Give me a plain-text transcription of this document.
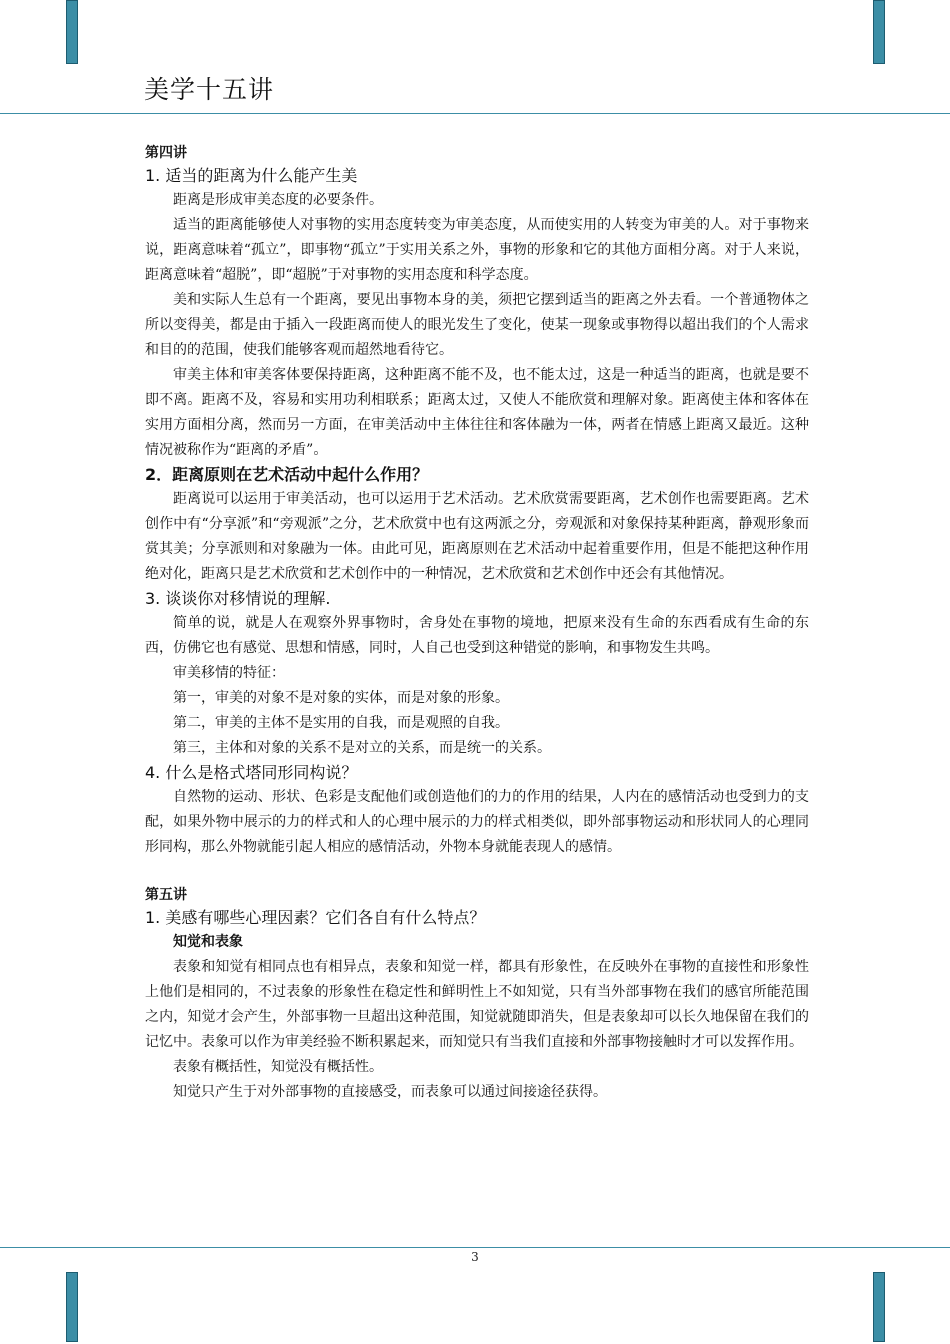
美学十五讲

第四讲

1. 适当的距离为什么能产生美

距离是形成审美态度的必要条件。

适当的距离能够使人对事物的实用态度转变为审美态度，从而使实用的人转变为审美的人。对于事物来说，距离意味着“孤立”，即事物“孤立”于实用关系之外，事物的形象和它的其他方面相分离。对于人来说，距离意味着“超脱”，即“超脱”于对事物的实用态度和科学态度。

美和实际人生总有一个距离，要见出事物本身的美，须把它摆到适当的距离之外去看。一个普通物体之所以变得美，都是由于插入一段距离而使人的眼光发生了变化，使某一现象或事物得以超出我们的个人需求和目的的范围，使我们能够客观而超然地看待它。

审美主体和审美客体要保持距离，这种距离不能不及，也不能太过，这是一种适当的距离，也就是要不即不离。距离不及，容易和实用功利相联系；距离太过，又使人不能欣赏和理解对象。距离使主体和客体在实用方面相分离，然而另一方面，在审美活动中主体往往和客体融为一体，两者在情感上距离又最近。这种情况被称作为“距离的矛盾”。

2．距离原则在艺术活动中起什么作用？

距离说可以运用于审美活动，也可以运用于艺术活动。艺术欣赏需要距离，艺术创作也需要距离。艺术创作中有“分享派”和“旁观派”之分，艺术欣赏中也有这两派之分，旁观派和对象保持某种距离，静观形象而赏其美；分享派则和对象融为一体。由此可见，距离原则在艺术活动中起着重要作用，但是不能把这种作用绝对化，距离只是艺术欣赏和艺术创作中的一种情况，艺术欣赏和艺术创作中还会有其他情况。

3. 谈谈你对移情说的理解.

简单的说，就是人在观察外界事物时，舍身处在事物的境地，把原来没有生命的东西看成有生命的东西，仿佛它也有感觉、思想和情感，同时，人自己也受到这种错觉的影响，和事物发生共鸣。

审美移情的特征：

第一，审美的对象不是对象的实体，而是对象的形象。

第二，审美的主体不是实用的自我，而是观照的自我。

第三，主体和对象的关系不是对立的关系，而是统一的关系。

4. 什么是格式塔同形同构说？

自然物的运动、形状、色彩是支配他们或创造他们的力的作用的结果，人内在的感情活动也受到力的支配，如果外物中展示的力的样式和人的心理中展示的力的样式相类似，即外部事物运动和形状同人的心理同形同构，那么外物就能引起人相应的感情活动，外物本身就能表现人的感情。

第五讲

1. 美感有哪些心理因素？它们各自有什么特点？

知觉和表象

表象和知觉有相同点也有相异点，表象和知觉一样，都具有形象性，在反映外在事物的直接性和形象性上他们是相同的，不过表象的形象性在稳定性和鲜明性上不如知觉，只有当外部事物在我们的感官所能范围之内，知觉才会产生，外部事物一旦超出这种范围，知觉就随即消失，但是表象却可以长久地保留在我们的记忆中。表象可以作为审美经验不断积累起来，而知觉只有当我们直接和外部事物接触时才可以发挥作用。

表象有概括性，知觉没有概括性。

知觉只产生于对外部事物的直接感受，而表象可以通过间接途径获得。

3
